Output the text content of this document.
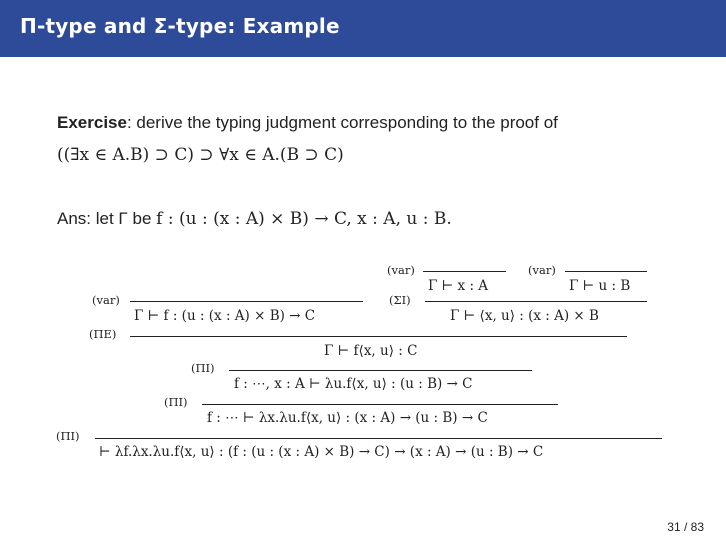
Π-type and Σ-type: Example
Exercise: derive the typing judgment corresponding to the proof of
((∃x ∈ A.B) ⊃ C) ⊃ ∀x ∈ A.(B ⊃ C)
Ans: let Γ be f : (u : (x : A) × B) → C, x : A, u : B.
(var)
Γ ⊢ x : A
(var)
Γ ⊢ u : B
(var)
Γ ⊢ f : (u : (x : A) × B) → C
(ΣI)
Γ ⊢ ⟨x, u⟩ : (x : A) × B
(ΠE)
Γ ⊢ f⟨x, u⟩ : C
(ΠI)
f : ⋯, x : A ⊢ λu.f⟨x, u⟩ : (u : B) → C
(ΠI)
f : ⋯ ⊢ λx.λu.f⟨x, u⟩ : (x : A) → (u : B) → C
(ΠI)
⊢ λf.λx.λu.f⟨x, u⟩ : (f : (u : (x : A) × B) → C) → (x : A) → (u : B) → C
31 / 83
